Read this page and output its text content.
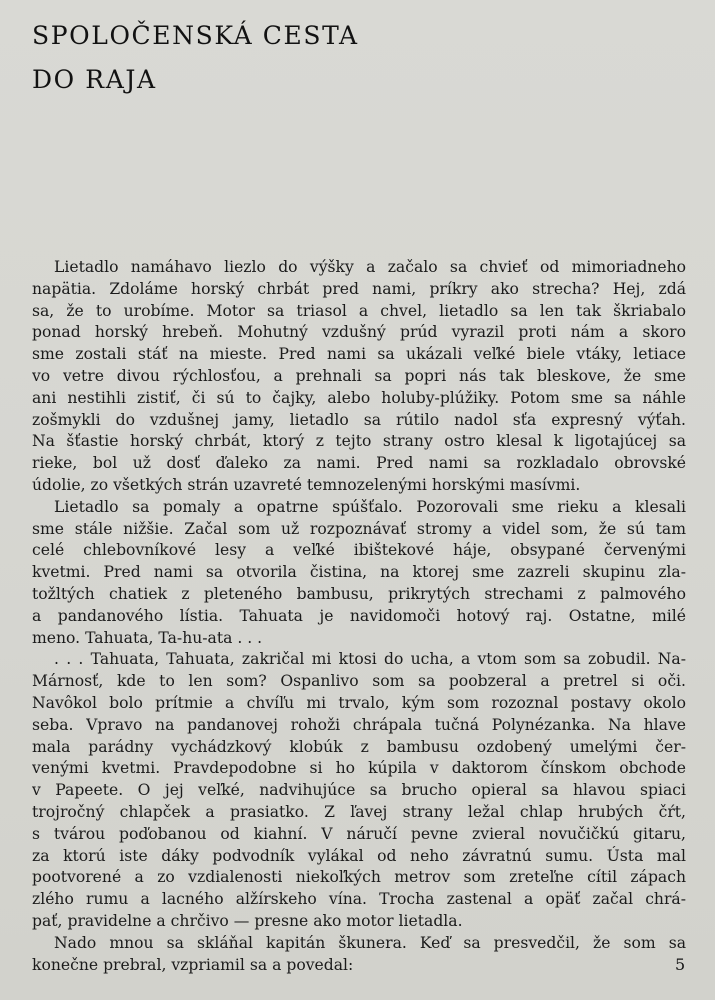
SPOLOČENSKÁ CESTA
DO RAJA
Lietadlo namáhavo liezlo do výšky a začalo sa chvieť od mimoriadneho
napätia. Zdoláme horský chrbát pred nami, príkry ako strecha? Hej, zdá
sa, že to urobíme. Motor sa triasol a chvel, lietadlo sa len tak škriabalo
ponad horský hrebeň. Mohutný vzdušný prúd vyrazil proti nám a skoro
sme zostali stáť na mieste. Pred nami sa ukázali veľké biele vtáky, letiace
vo vetre divou rýchlosťou, a prehnali sa popri nás tak bleskove, že sme
ani nestihli zistiť, či sú to čajky, alebo holuby-plúžiky. Potom sme sa náhle
zošmykli do vzdušnej jamy, lietadlo sa rútilo nadol sťa expresný výťah.
Na šťastie horský chrbát, ktorý z tejto strany ostro klesal k ligotajúcej sa
rieke, bol už dosť ďaleko za nami. Pred nami sa rozkladalo obrovské
údolie, zo všetkých strán uzavreté temnozelenými horskými masívmi.
Lietadlo sa pomaly a opatrne spúšťalo. Pozorovali sme rieku a klesali
sme stále nižšie. Začal som už rozpoznávať stromy a videl som, že sú tam
celé chlebovníkové lesy a veľké ibištekové háje, obsypané červenými
kvetmi. Pred nami sa otvorila čistina, na ktorej sme zazreli skupinu zla-
tožltých chatiek z pleteného bambusu, prikrytých strechami z palmového
a pandanového lístia. Tahuata je navidomoči hotový raj. Ostatne, milé
meno. Tahuata, Ta-hu-ata . . .
. . . Tahuata, Tahuata, zakričal mi ktosi do ucha, a vtom som sa zobudil. Na-
Márnosť, kde to len som? Ospanlivo som sa poobzeral a pretrel si oči.
Navôkol bolo prítmie a chvíľu mi trvalo, kým som rozoznal postavy okolo
seba. Vpravo na pandanovej rohoži chrápala tučná Polynézanka. Na hlave
mala parádny vychádzkový klobúk z bambusu ozdobený umelými čer-
venými kvetmi. Pravdepodobne si ho kúpila v daktorom čínskom obchode
v Papeete. O jej veľké, nadvihujúce sa brucho opieral sa hlavou spiaci
trojročný chlapček a prasiatko. Z ľavej strany ležal chlap hrubých čŕt,
s tvárou poďobanou od kiahní. V náručí pevne zvieral novučičkú gitaru,
za ktorú iste dáky podvodník vylákal od neho závratnú sumu. Ústa mal
pootvorené a zo vzdialenosti niekoľkých metrov som zreteľne cítil zápach
zlého rumu a lacného alžírskeho vína. Trocha zastenal a opäť začal chrá-
pať, pravidelne a chrčivo — presne ako motor lietadla.
Nado mnou sa skláňal kapitán škunera. Keď sa presvedčil, že som sa
konečne prebral, vzpriamil sa a povedal:	5
